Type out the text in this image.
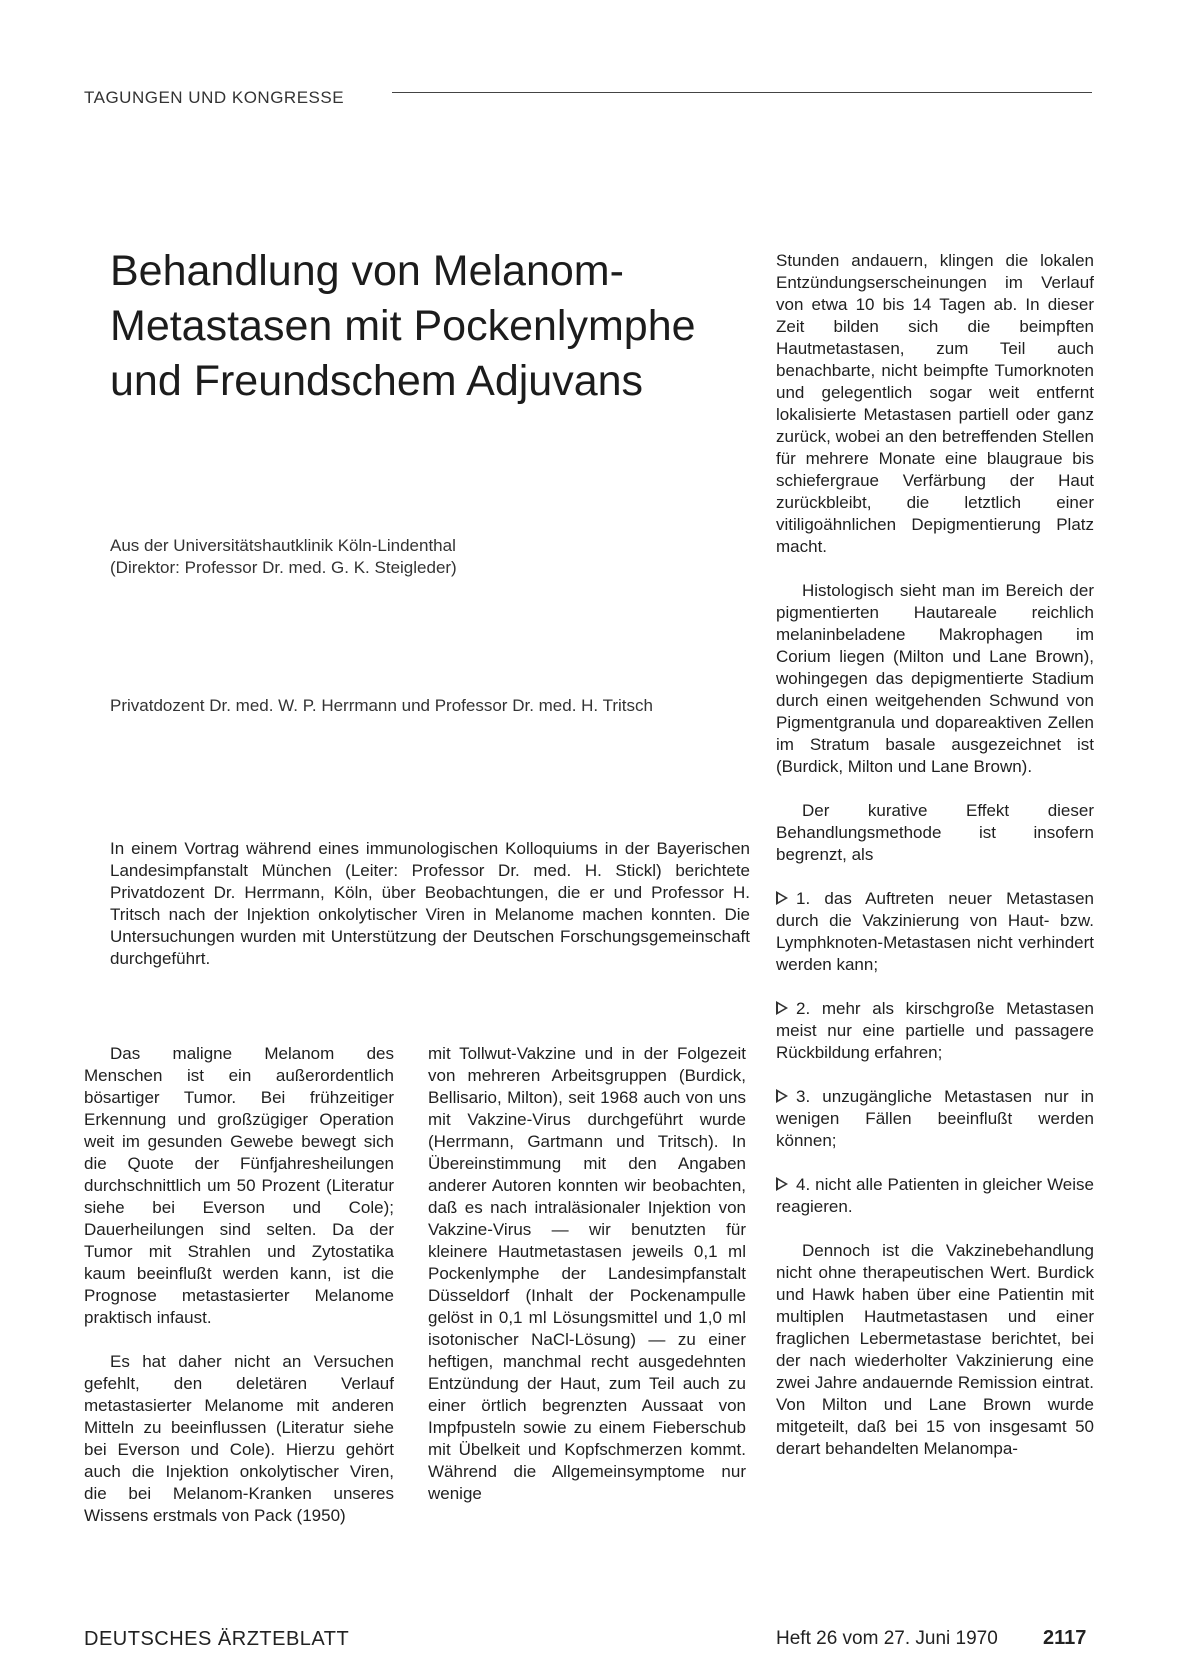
TAGUNGEN UND KONGRESSE
Behandlung von Melanom-Metastasen mit Pockenlymphe und Freundschem Adjuvans
Aus der Universitätshautklinik Köln-Lindenthal
(Direktor: Professor Dr. med. G. K. Steigleder)
Privatdozent Dr. med. W. P. Herrmann und Professor Dr. med. H. Tritsch

In einem Vortrag während eines immunologischen Kolloquiums in der Bayerischen Landesimpfanstalt München (Leiter: Professor Dr. med. H. Stickl) berichtete Privatdozent Dr. Herrmann, Köln, über Beobachtungen, die er und Professor H. Tritsch nach der Injektion onkolytischer Viren in Melanome machen konnten. Die Untersuchungen wurden mit Unterstützung der Deutschen Forschungsgemeinschaft durchgeführt.

Das maligne Melanom des Menschen ist ein außerordentlich bösartiger Tumor. Bei frühzeitiger Erkennung und großzügiger Operation weit im gesunden Gewebe bewegt sich die Quote der Fünfjahresheilungen durchschnittlich um 50 Prozent (Literatur siehe bei Everson und Cole); Dauerheilungen sind selten. Da der Tumor mit Strahlen und Zytostatika kaum beeinflußt werden kann, ist die Prognose metastasierter Melanome praktisch infaust.

Es hat daher nicht an Versuchen gefehlt, den deletären Verlauf metastasierter Melanome mit anderen Mitteln zu beeinflussen (Literatur siehe bei Everson und Cole). Hierzu gehört auch die Injektion onkolytischer Viren, die bei Melanom-Kranken unseres Wissens erstmals von Pack (1950)

mit Tollwut-Vakzine und in der Folgezeit von mehreren Arbeitsgruppen (Burdick, Bellisario, Milton), seit 1968 auch von uns mit Vakzine-Virus durchgeführt wurde (Herrmann, Gartmann und Tritsch). In Übereinstimmung mit den Angaben anderer Autoren konnten wir beobachten, daß es nach intraläsionaler Injektion von Vakzine-Virus — wir benutzten für kleinere Hautmetastasen jeweils 0,1 ml Pockenlymphe der Landesimpfanstalt Düsseldorf (Inhalt der Pockenampulle gelöst in 0,1 ml Lösungsmittel und 1,0 ml isotonischer NaCl-Lösung) — zu einer heftigen, manchmal recht ausgedehnten Entzündung der Haut, zum Teil auch zu einer örtlich begrenzten Aussaat von Impfpusteln sowie zu einem Fieberschub mit Übelkeit und Kopfschmerzen kommt. Während die Allgemeinsymptome nur wenige

Stunden andauern, klingen die lokalen Entzündungserscheinungen im Verlauf von etwa 10 bis 14 Tagen ab. In dieser Zeit bilden sich die beimpften Hautmetastasen, zum Teil auch benachbarte, nicht beimpfte Tumorknoten und gelegentlich sogar weit entfernt lokalisierte Metastasen partiell oder ganz zurück, wobei an den betreffenden Stellen für mehrere Monate eine blaugraue bis schiefergraue Verfärbung der Haut zurückbleibt, die letztlich einer vitiligoähnlichen Depigmentierung Platz macht.

Histologisch sieht man im Bereich der pigmentierten Hautareale reichlich melaninbeladene Makrophagen im Corium liegen (Milton und Lane Brown), wohingegen das depigmentierte Stadium durch einen weitgehenden Schwund von Pigmentgranula und dopareaktiven Zellen im Stratum basale ausgezeichnet ist (Burdick, Milton und Lane Brown).

Der kurative Effekt dieser Behandlungsmethode ist insofern begrenzt, als

1. das Auftreten neuer Metastasen durch die Vakzinierung von Haut- bzw. Lymphknoten-Metastasen nicht verhindert werden kann;

2. mehr als kirschgroße Metastasen meist nur eine partielle und passagere Rückbildung erfahren;

3. unzugängliche Metastasen nur in wenigen Fällen beeinflußt werden können;

4. nicht alle Patienten in gleicher Weise reagieren.

Dennoch ist die Vakzinebehandlung nicht ohne therapeutischen Wert. Burdick und Hawk haben über eine Patientin mit multiplen Hautmetastasen und einer fraglichen Lebermetastase berichtet, bei der nach wiederholter Vakzinierung eine zwei Jahre andauernde Remission eintrat. Von Milton und Lane Brown wurde mitgeteilt, daß bei 15 von insgesamt 50 derart behandelten Melanompa-

DEUTSCHES ÄRZTEBLATT	Heft 26 vom 27. Juni 1970 2117
